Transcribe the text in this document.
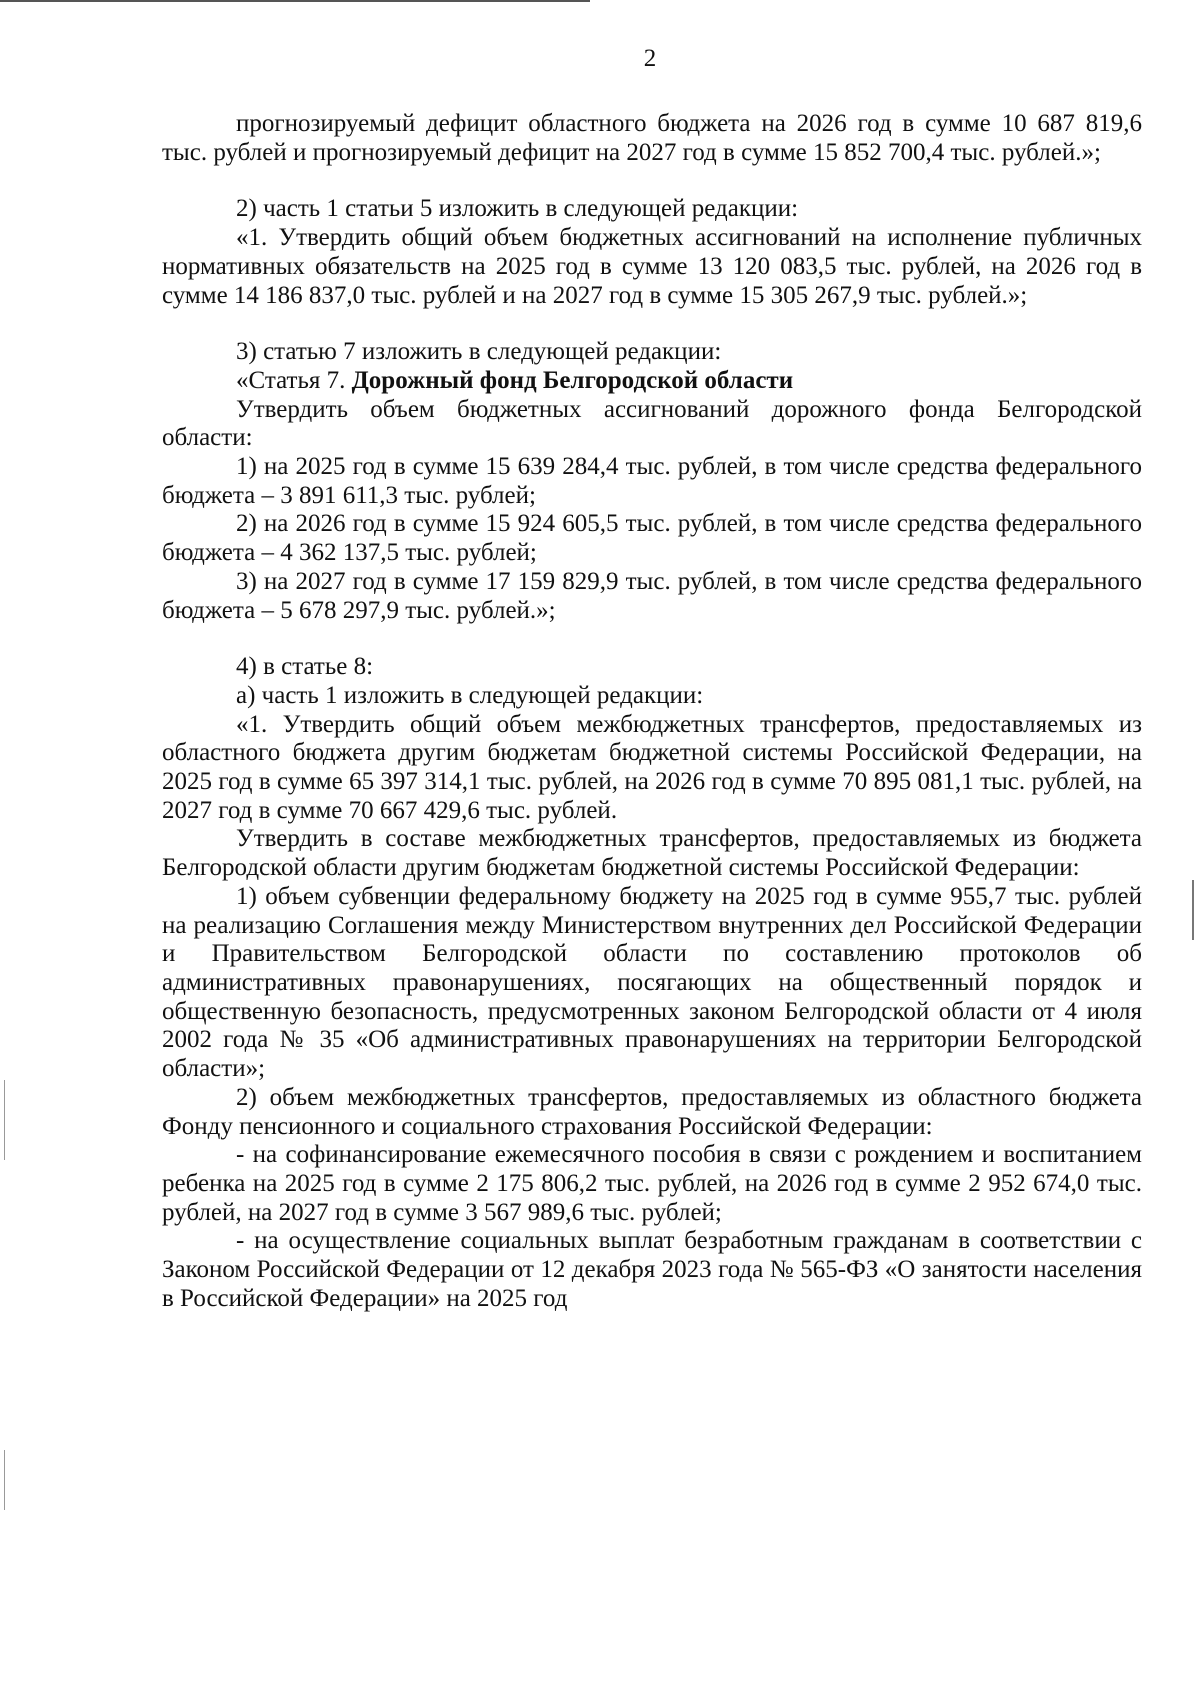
2

прогнозируемый дефицит областного бюджета на 2026 год в сумме 10 687 819,6 тыс. рублей и прогнозируемый дефицит на 2027 год в сумме 15 852 700,4 тыс. рублей.»;

2) часть 1 статьи 5 изложить в следующей редакции:

«1. Утвердить общий объем бюджетных ассигнований на исполнение публичных нормативных обязательств на 2025 год в сумме 13 120 083,5 тыс. рублей, на 2026 год в сумме 14 186 837,0 тыс. рублей и на 2027 год в сумме 15 305 267,9 тыс. рублей.»;

3) статью 7 изложить в следующей редакции:

«Статья 7. Дорожный фонд Белгородской области

Утвердить объем бюджетных ассигнований дорожного фонда Белгородской области:

1) на 2025 год в сумме 15 639 284,4 тыс. рублей, в том числе средства федерального бюджета – 3 891 611,3 тыс. рублей;

2) на 2026 год в сумме 15 924 605,5 тыс. рублей, в том числе средства федерального бюджета – 4 362 137,5 тыс. рублей;

3) на 2027 год в сумме 17 159 829,9 тыс. рублей, в том числе средства федерального бюджета – 5 678 297,9 тыс. рублей.»;

4) в статье 8:

а) часть 1 изложить в следующей редакции:

«1. Утвердить общий объем межбюджетных трансфертов, предоставляемых из областного бюджета другим бюджетам бюджетной системы Российской Федерации, на 2025 год в сумме 65 397 314,1 тыс. рублей, на 2026 год в сумме 70 895 081,1 тыс. рублей, на 2027 год в сумме 70 667 429,6 тыс. рублей.

Утвердить в составе межбюджетных трансфертов, предоставляемых из бюджета Белгородской области другим бюджетам бюджетной системы Российской Федерации:

1) объем субвенции федеральному бюджету на 2025 год в сумме 955,7 тыс. рублей на реализацию Соглашения между Министерством внутренних дел Российской Федерации и Правительством Белгородской области по составлению протоколов об административных правонарушениях, посягающих на общественный порядок и общественную безопасность, предусмотренных законом Белгородской области от 4 июля 2002 года № 35 «Об административных правонарушениях на территории Белгородской области»;

2) объем межбюджетных трансфертов, предоставляемых из областного бюджета Фонду пенсионного и социального страхования Российской Федерации:

- на софинансирование ежемесячного пособия в связи с рождением и воспитанием ребенка на 2025 год в сумме 2 175 806,2 тыс. рублей, на 2026 год в сумме 2 952 674,0 тыс. рублей, на 2027 год в сумме 3 567 989,6 тыс. рублей;

- на осуществление социальных выплат безработным гражданам в соответствии с Законом Российской Федерации от 12 декабря 2023 года № 565-ФЗ «О занятости населения в Российской Федерации» на 2025 год
